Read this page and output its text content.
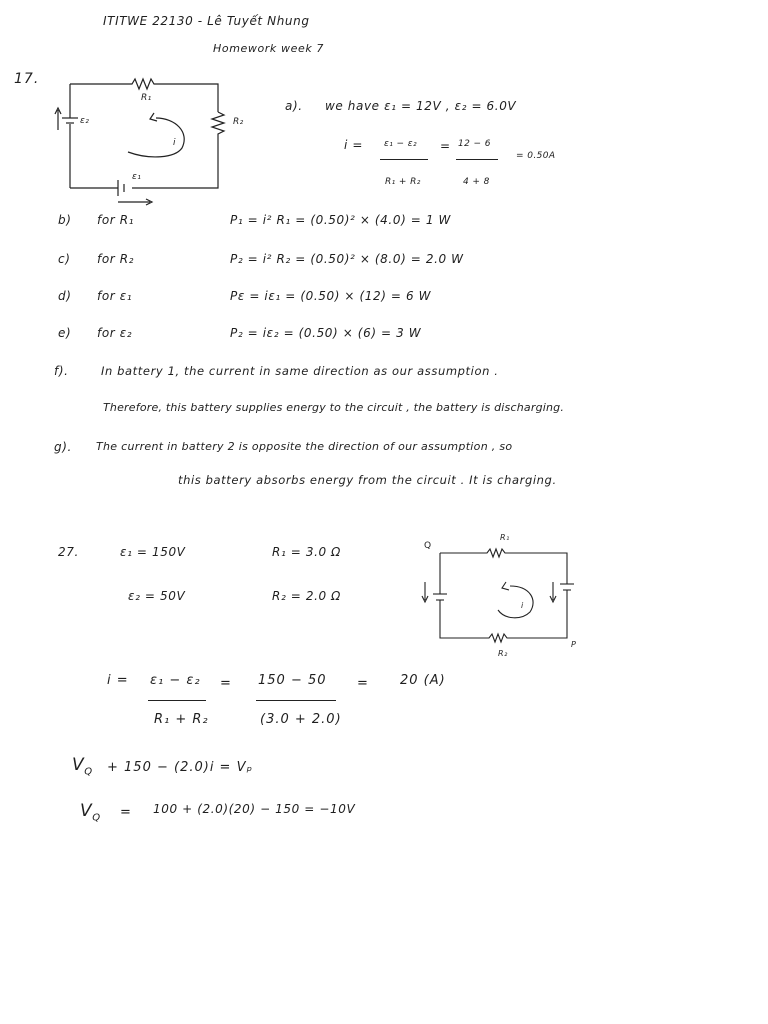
ITITWE 22130 - Lê Tuyết Nhung
Homework week 7
17.
R₁
R₂
ε₂
ε₁
i
a). we have ε₁ = 12V , ε₂ = 6.0V
i = ε₁ − ε₂
R₁ + R₂
= 12 − 6
4 + 8
= 0.50A
b) for R₁	P₁ = i² R₁ = (0.50)² × (4.0) = 1 W
c) for R₂	P₂ = i² R₂ = (0.50)² × (8.0) = 2.0 W
d) for ε₁	Pε = iε₁ = (0.50) × (12) = 6 W
e) for ε₂	P₂ = iε₂ = (0.50) × (6) = 3 W
f).	In battery 1, the current in same direction as our assumption .
Therefore, this battery supplies energy to the circuit , the battery is discharging.
g). The current in battery 2 is opposite the direction of our assumption , so
this battery absorbs energy from the circuit . It is charging.
27.	ε₁ = 150V	R₁ = 3.0 Ω
ε₂ = 50V	R₂ = 2.0 Ω
Q
R₁
R₂
P
i
i = ε₁ − ε₂
R₁ + R₂
= 150 − 50
(3.0 + 2.0)
= 20 (A)
$V_Q + 150 - (2.0)i = V_p$
$V_Q = 100 + (2.0)(20) - 150 = -10V$
